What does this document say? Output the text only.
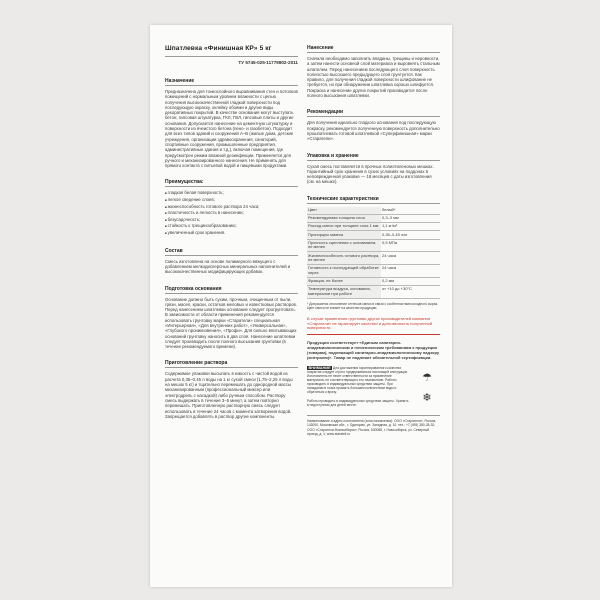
Шпатлевка «Финишная КР» 5 кг
ТУ 5745-025-11779802-2011
Назначение

Предназначена для тонкослойного выравнивания стен и потолков помещений с нормальным уровнем влажности с целью получения высококачественной гладкой поверхности под последующую окраску, оклейку обоями и другие виды декоративных покрытий. В качестве основания могут выступать бетон, гипсовая штукатурка, ГКЛ, ГВЛ, гипсовые плиты и другие основания. Допускается нанесение на цементную штукатурку и поверхности из ячеистого бетона (пено- и газобетон). Подходит для всех типов зданий и сооружений А–В (жилые дома, детские учреждения, организации здравоохранения, санаторий, спортивные сооружения, промышленные предприятия, административные здания и т.д.), включая помещения, где предусмотрен режим влажной дезинфекции. Применяется для ручного и механизированного нанесения. Не применять для прямого контакта с питьевой водой и пищевыми продуктами.

Преимущества:
■ гладкая белая поверхность;
■ легкое сведение слоев;
■ жизнеспособность готового раствора 24 часа;
■ пластичность и легкость в нанесении;
■ безусадочность;
■ стойкость к трещинообразованию;
■ увеличенный срок хранения.
Состав

Смесь изготовлена на основе полимерного вяжущего с добавлением мелкодисперсных минеральных наполнителей и высококачественных модифицирующих добавок.

Подготовка основания

Основание должно быть сухим, прочным, очищенным от пыли, грязи, масел, краски, остатков меловых и известковых растворов. Перед нанесением шпатлевки основание следует прогрунтовать. В зависимости от области применения рекомендуется использовать грунтовку марки «Старатели» специальная «Интерьерная», «Для внутренних работ», «Универсальная», «Глубокого проникновения», «Профи». Для сильно впитывающих оснований грунтовку наносить в два слоя. Нанесение шпатлевки следует производить после полного высыхания грунтовки (в течение рекомендуемого времени).

Приготовление раствора

Содержимое упаковки высыпать в емкость с чистой водой из расчета 0,35–0,45 л воды на 1 кг сухой смеси (1,75–2,25 л воды на мешок 5 кг) и тщательно перемешать до однородной массы механизированным (профессиональный миксер или электродрель с насадкой) либо ручным способом. Раствору смесь выдержать в течение 3–5 минут, а затем повторно перемешать. Приготовленную растворную смесь следует использовать в течение 24 часов с момента затворения водой. Запрещается добавлять в раствор другие компоненты.

Нанесение

Сначала необходимо заполнить впадины, трещины и неровности, а затем нанести основной слой материала и выровнять стальным шпателем. Перед нанесением последующего слоя поверхность полностью высохшего предыдущего слоя грунтуется. Как правило, для получения гладкой поверхности шлифование не требуется, но при обнаружении шпатлевка хорошо шлифуется. Покраска и нанесение других покрытий производится после полного высыхания шпатлевки.

Рекомендации

Для получения идеально гладкого основания под последующую покраску, рекомендуется полученную поверхность дополнительно прошпатлевать готовой шпатлевкой «Суперфинишная» марки «Старатели».

Упаковка и хранение

Сухая смесь поставляется в прочных полиэтиленовых мешках. Гарантийный срок хранения в сухих условиях на поддонах в неповрежденной упаковке — 18 месяцев с даты изготовления (см. на мешке).

Технические характеристики
Цвет	белый*
Рекомендуемая толщина слоя	0,3–3 мм
Расход смеси при толщине слоя 1 мм	1,1 кг/м²
Пропорции замеса	0,35–0,45 л/кг
Прочность сцепления с основанием, не менее	0,5 МПа
Жизнеспособность готового раствора, не менее	24 часа
Готовность к последующей обработке через	24 часа
Фракция, не более	0,2 мм
Температура воздуха, основания, материалов при работе	от +10 до +30°С

* Допускается отклонение оттенков смеси в связи с особенностями исходного сырья. Цвет смеси не влияет на качество продукции.

В случае применения грунтовки других производителей компания «Старатели» не гарантирует качество и долговечность полученной поверхности.

Продукция соответствует «Единым санитарно-эпидемиологическим и гигиеническим требованиям к продукции (товарам), подлежащей санитарно-эпидемиологическому надзору (контролю)». Товар не подлежит обязательной сертификации.

ВНИМАНИЕ Для достижения гарантированного качества покрытия следует строго придерживаться настоящей инструкции. Изготовитель не несет ответственности за применение материала, не соответствующего его назначению. Работы производить в индивидуальных средствах защиты. При попадании в глаза промыть большим количеством воды и обратиться к врачу.

Работы проводить в индивидуальных средствах защиты. Хранить в недоступном для детей месте.

☂
❄
Наименование и адрес изготовителя (зона назначения): ООО «Старатели», Россия, 143000, Московская обл., г. Одинцово, ул. Западная, д. 10, тел.: +7 (495) 380-28-32; ООО «Старатели-Новосибирск», Россия, 630088, г. Новосибирск, ул. Северный проезд, д. 1; www.starateli.ru
